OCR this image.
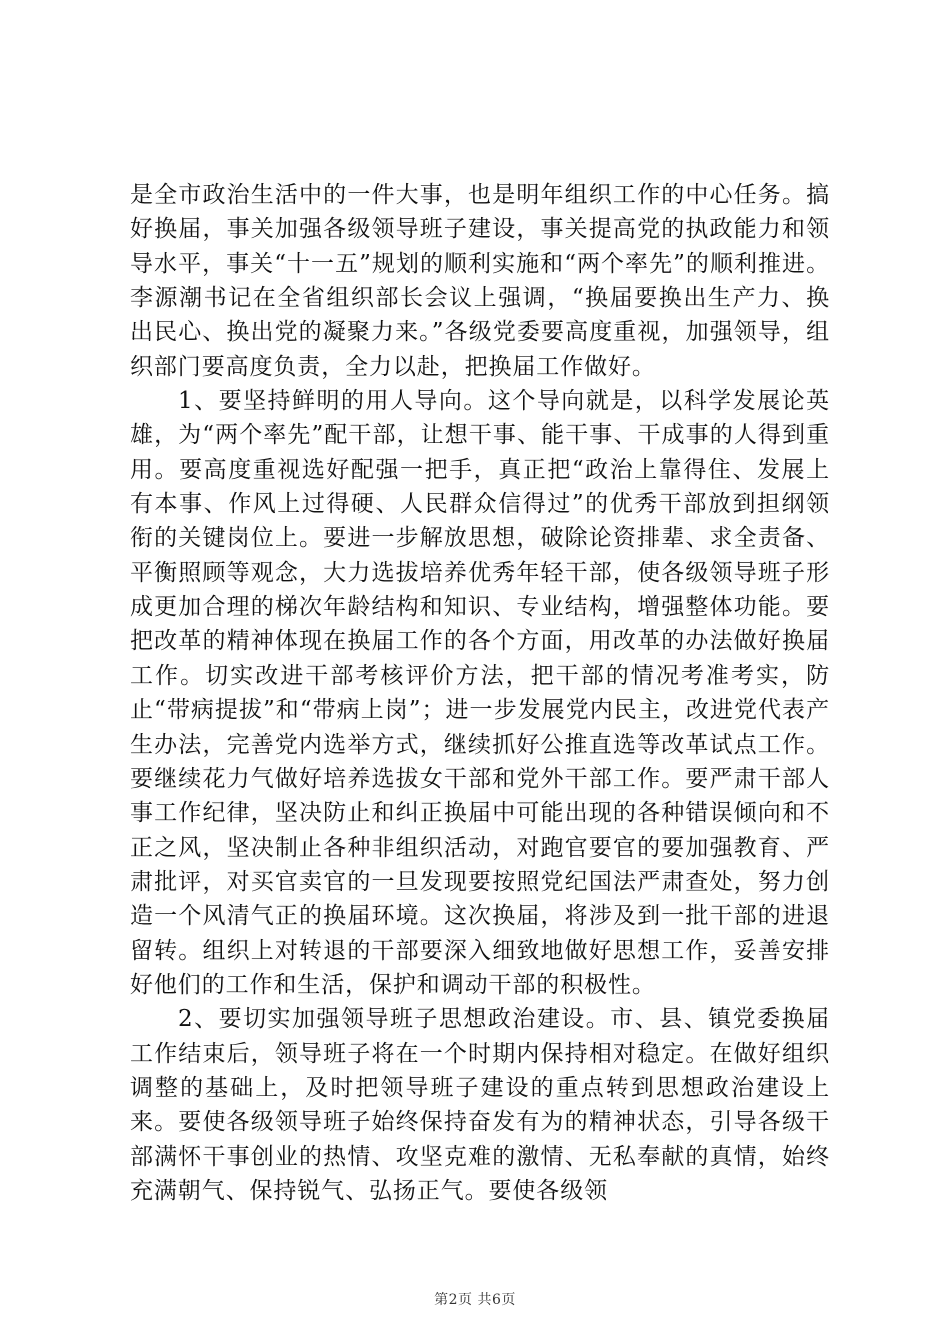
是全市政治生活中的一件大事，也是明年组织工作的中心任务。搞好换届，事关加强各级领导班子建设，事关提高党的执政能力和领导水平，事关“十一五”规划的顺利实施和“两个率先”的顺利推进。李源潮书记在全省组织部长会议上强调，“换届要换出生产力、换出民心、换出党的凝聚力来。”各级党委要高度重视，加强领导，组织部门要高度负责，全力以赴，把换届工作做好。

1、要坚持鲜明的用人导向。这个导向就是，以科学发展论英雄，为“两个率先”配干部，让想干事、能干事、干成事的人得到重用。要高度重视选好配强一把手，真正把“政治上靠得住、发展上有本事、作风上过得硬、人民群众信得过”的优秀干部放到担纲领衔的关键岗位上。要进一步解放思想，破除论资排辈、求全责备、平衡照顾等观念，大力选拔培养优秀年轻干部，使各级领导班子形成更加合理的梯次年龄结构和知识、专业结构，增强整体功能。要把改革的精神体现在换届工作的各个方面，用改革的办法做好换届工作。切实改进干部考核评价方法，把干部的情况考准考实，防止“带病提拔”和“带病上岗”；进一步发展党内民主，改进党代表产生办法，完善党内选举方式，继续抓好公推直选等改革试点工作。要继续花力气做好培养选拔女干部和党外干部工作。要严肃干部人事工作纪律，坚决防止和纠正换届中可能出现的各种错误倾向和不正之风，坚决制止各种非组织活动，对跑官要官的要加强教育、严肃批评，对买官卖官的一旦发现要按照党纪国法严肃查处，努力创造一个风清气正的换届环境。这次换届，将涉及到一批干部的进退留转。组织上对转退的干部要深入细致地做好思想工作，妥善安排好他们的工作和生活，保护和调动干部的积极性。

2、要切实加强领导班子思想政治建设。市、县、镇党委换届工作结束后，领导班子将在一个时期内保持相对稳定。在做好组织调整的基础上，及时把领导班子建设的重点转到思想政治建设上来。要使各级领导班子始终保持奋发有为的精神状态，引导各级干部满怀干事创业的热情、攻坚克难的激情、无私奉献的真情，始终充满朝气、保持锐气、弘扬正气。要使各级领

第2页 共6页
